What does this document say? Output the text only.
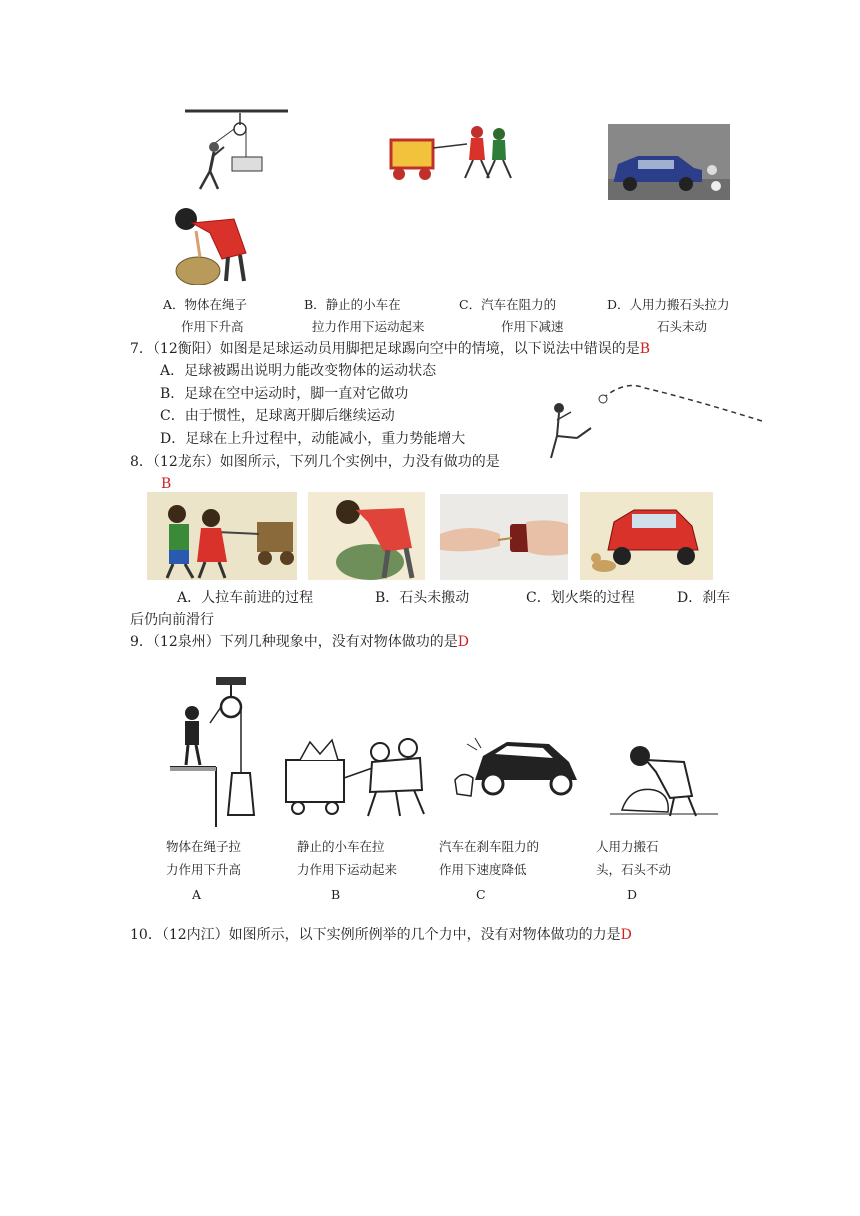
A．物体在绳子
作用下升高
B．静止的小车在
拉力作用下运动起来
C．汽车在阻力的
作用下减速
D．人用力搬石头拉力
石头未动
7．（12衡阳）如图是足球运动员用脚把足球踢向空中的情境，以下说法中错误的是B
A．足球被踢出说明力能改变物体的运动状态
B．足球在空中运动时，脚一直对它做功
C．由于惯性，足球离开脚后继续运动
D．足球在上升过程中，动能减小，重力势能增大
8．（12龙东）如图所示，下列几个实例中，力没有做功的是
B
A．人拉车前进的过程	B．石头未搬动	C．划火柴的过程	D．刹车
后仍向前滑行
9．（12泉州）下列几种现象中，没有对物体做功的是D
物体在绳子拉
力作用下升高
A
静止的小车在拉
力作用下运动起来
B
汽车在刹车阻力的
作用下速度降低
C
人用力搬石
头，石头不动
D
10．（12内江）如图所示，以下实例所例举的几个力中，没有对物体做功的力是D
